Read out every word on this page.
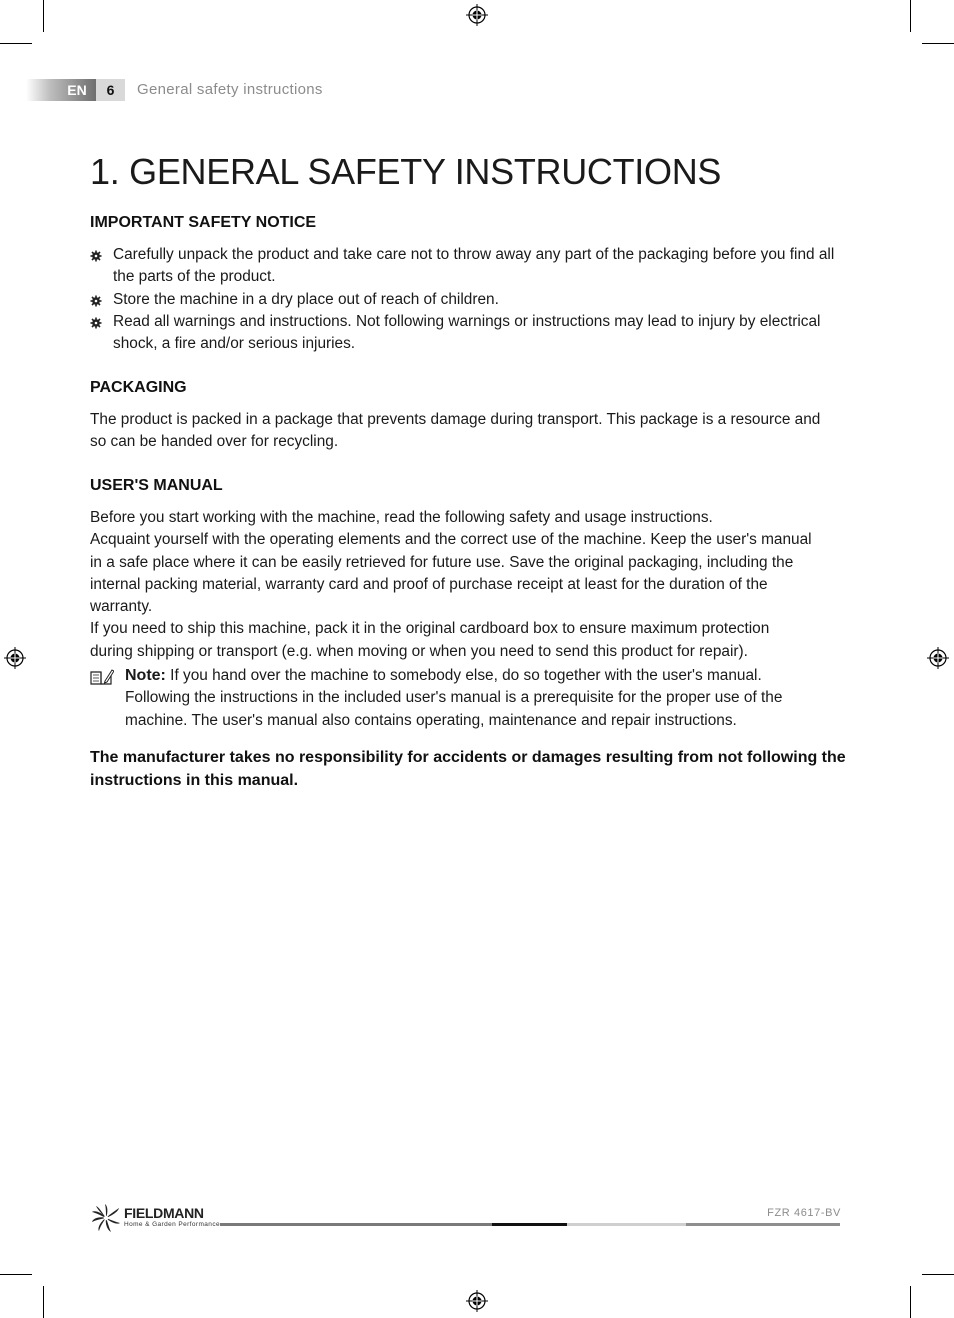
EN	6	General safety instructions
1. GENERAL SAFETY INSTRUCTIONS
IMPORTANT SAFETY NOTICE
Carefully unpack the product and take care not to throw away any part of the packaging before you find all the parts of the product.
Store the machine in a dry place out of reach of children.
Read all warnings and instructions. Not following warnings or instructions may lead to injury by electrical shock, a fire and/or serious injuries.
PACKAGING

The product is packed in a package that prevents damage during transport. This package is a resource and so can be handed over for recycling.

USER'S MANUAL

Before you start working with the machine, read the following safety and usage instructions.

Acquaint yourself with the operating elements and the correct use of the machine. Keep the user's manual in a safe place where it can be easily retrieved for future use. Save the original packaging, including the internal packing material, warranty card and proof of purchase receipt at least for the duration of the warranty.

If you need to ship this machine, pack it in the original cardboard box to ensure maximum protection during shipping or transport (e.g. when moving or when you need to send this product for repair).

Note: If you hand over the machine to somebody else, do so together with the user's manual. Following the instructions in the included user's manual is a prerequisite for the proper use of the machine. The user's manual also contains operating, maintenance and repair instructions.

The manufacturer takes no responsibility for accidents or damages resulting from not following the instructions in this manual.

FIELDMANN
Home & Garden Performance
FZR 4617-BV
